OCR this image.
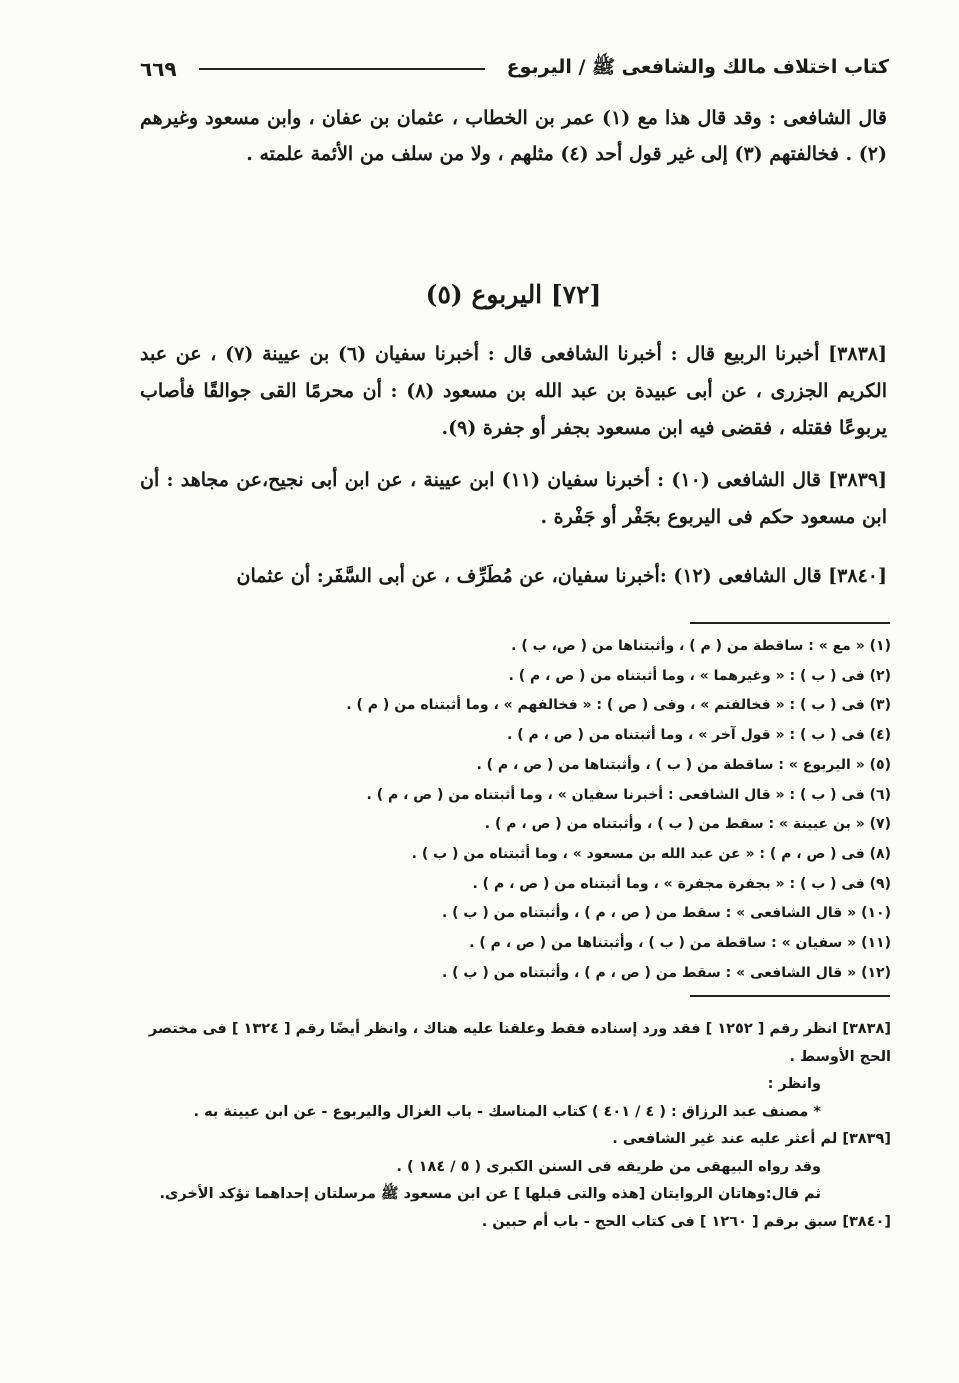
كتاب اختلاف مالك والشافعى ﷺ / اليربوع
٦٦٩
قال الشافعى : وقد قال هذا مع (١) عمر بن الخطاب ، عثمان بن عفان ، وابن مسعود وغيرهم (٢) . فخالفتهم (٣) إلى غير قول أحد (٤) مثلهم ، ولا من سلف من الأئمة علمته .
[٧٢] اليربوع (٥)
[٣٨٣٨] أخبرنا الربيع قال : أخبرنا الشافعى قال : أخبرنا سفيان (٦) بن عيينة (٧) ، عن عبد الكريم الجزرى ، عن أبى عبيدة بن عبد الله بن مسعود (٨) : أن محرمًا القى جوالقًا فأصاب يربوعًا فقتله ، فقضى فيه ابن مسعود بجفر أو جفرة (٩).
[٣٨٣٩] قال الشافعى (١٠) : أخبرنا سفيان (١١) ابن عيينة ، عن ابن أبى نجيح،عن مجاهد : أن ابن مسعود حكم فى اليربوع بجَفْر أو جَفْرة .
[٣٨٤٠] قال الشافعى (١٢) :أخبرنا سفيان، عن مُطَرِّف ، عن أبى السَّفَر: أن عثمان
(١) « مع » : ساقطة من ( م ) ، وأثبتناها من ( ص، ب ) .
(٢) فى ( ب ) : « وغيرهما » ، وما أثبتناه من ( ص ، م ) .
(٣) فى ( ب ) : « فخالفتم » ، وفى ( ص ) : « فخالفهم » ، وما أثبتناه من ( م ) .
(٤) فى ( ب ) : « قول آخر » ، وما أثبتناه من ( ص ، م ) .
(٥) « اليربوع » : ساقطة من ( ب ) ، وأثبتناها من ( ص ، م ) .
(٦) فى ( ب ) : « قال الشافعى : أخبرنا سفيان » ، وما أثبتناه من ( ص ، م ) .
(٧) « بن عيينة » : سقط من ( ب ) ، وأثبتناه من ( ص ، م ) .
(٨) فى ( ص ، م ) : « عن عبد الله بن مسعود » ، وما أثبتناه من ( ب ) .
(٩) فى ( ب ) : « بجفرة مجفرة » ، وما أثبتناه من ( ص ، م ) .
(١٠) « قال الشافعى » : سقط من ( ص ، م ) ، وأثبتناه من ( ب ) .
(١١) « سفيان » : ساقطة من ( ب ) ، وأثبتناها من ( ص ، م ) .
(١٢) « قال الشافعى » : سقط من ( ص ، م ) ، وأثبتناه من ( ب ) .
[٣٨٣٨] انظر رقم [ ١٢٥٢ ] فقد ورد إسناده فقط وعلقنا عليه هناك ، وانظر أيضًا رقم [ ١٣٢٤ ] فى مختصر الحج الأوسط .
وانظر :
* مصنف عبد الرزاق : ( ٤ / ٤٠١ ) كتاب المناسك - باب الغزال واليربوع - عن ابن عيينة به .
[٣٨٣٩] لم أعثر عليه عند غير الشافعى .
وقد رواه البيهقى من طريقه فى السنن الكبرى ( ٥ / ١٨٤ ) .
ثم قال:وهاتان الروايتان [هذه والتى قبلها ] عن ابن مسعود ﷺ مرسلتان إحداهما تؤكد الأخرى.
[٣٨٤٠] سبق برقم [ ١٢٦٠ ] فى كتاب الحج - باب أم حبين .
